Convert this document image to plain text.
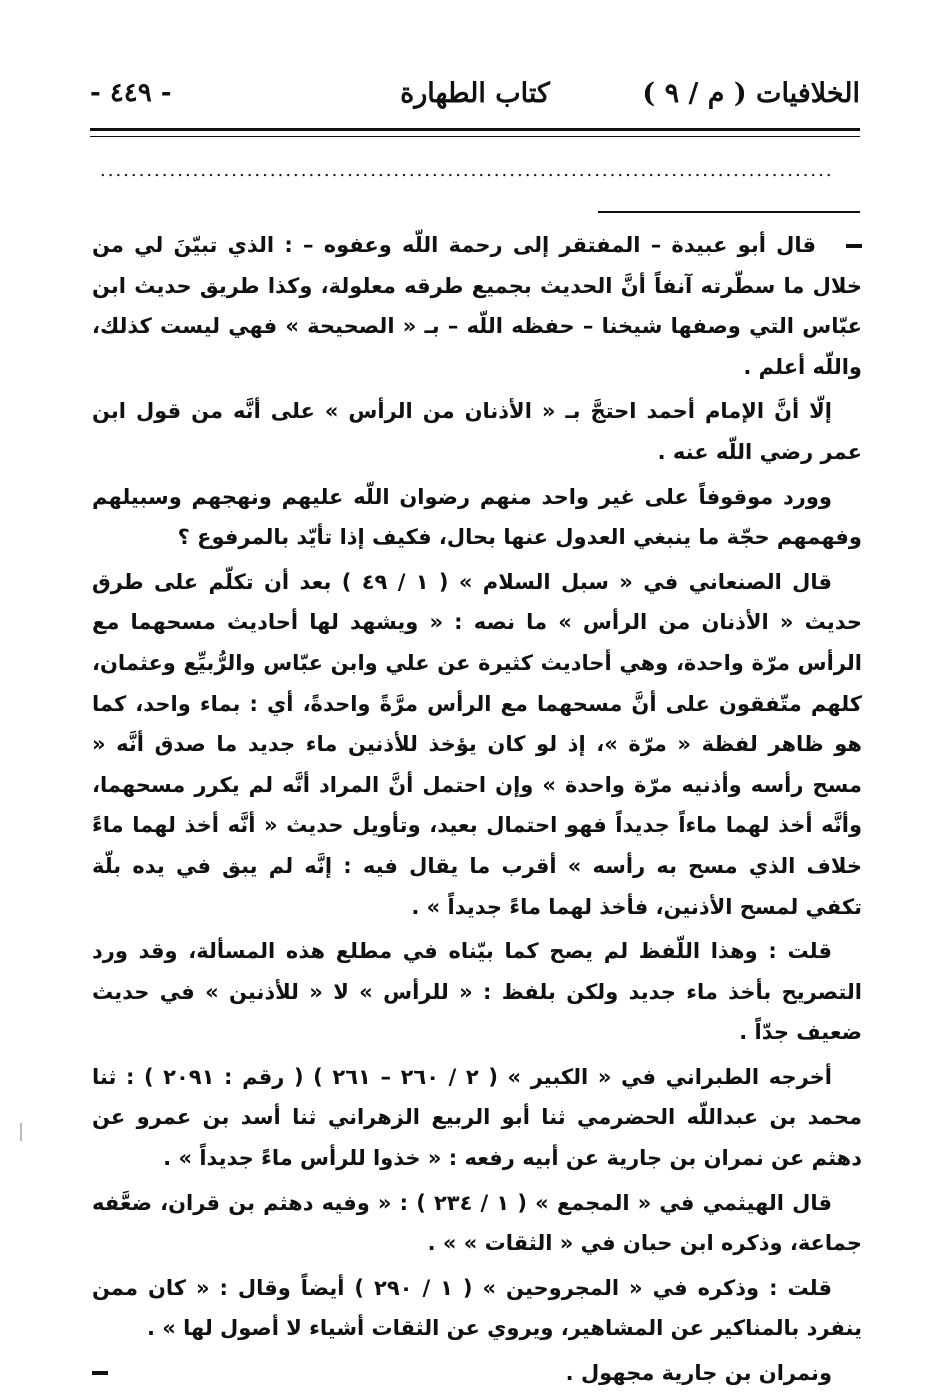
الخلافيات ( م / ٩ )
كتاب الطهارة
- ٤٤٩ -
...............................................................................................

قال أبو عبيدة – المفتقر إلى رحمة اللّه وعفوه – : الذي تبيّنَ لي من خلال ما سطّرته آنفاً أنَّ الحديث بجميع طرقه معلولة، وكذا طريق حديث ابن عبّاس التي وصفها شيخنا – حفظه اللّه – بـ « الصحيحة » فهي ليست كذلك، واللّه أعلم .

إلّا أنَّ الإمام أحمد احتجَّ بـ « الأذنان من الرأس » على أنَّه من قول ابن عمر رضي اللّه عنه .

وورد موقوفاً على غير واحد منهم رضوان اللّه عليهم ونهجهم وسبيلهم وفهمهم حجّة ما ينبغي العدول عنها بحال، فكيف إذا تأيّد بالمرفوع ؟

قال الصنعاني في « سبل السلام » ( ١ / ٤٩ ) بعد أن تكلّم على طرق حديث « الأذنان من الرأس » ما نصه : « ويشهد لها أحاديث مسحهما مع الرأس مرّة واحدة، وهي أحاديث كثيرة عن علي وابن عبّاس والرُّبيِّع وعثمان، كلهم متّفقون على أنَّ مسحهما مع الرأس مرَّةً واحدةً، أي : بماء واحد، كما هو ظاهر لفظة « مرّة »، إذ لو كان يؤخذ للأذنين ماء جديد ما صدق أنَّه « مسح رأسه وأذنيه مرّة واحدة » وإن احتمل أنَّ المراد أنَّه لم يكرر مسحهما، وأنَّه أخذ لهما ماءاً جديداً فهو احتمال بعيد، وتأويل حديث « أنَّه أخذ لهما ماءً خلاف الذي مسح به رأسه » أقرب ما يقال فيه : إنَّه لم يبق في يده بلّة تكفي لمسح الأذنين، فأخذ لهما ماءً جديداً » .

قلت : وهذا اللّفظ لم يصح كما بيّناه في مطلع هذه المسألة، وقد ورد التصريح بأخذ ماء جديد ولكن بلفظ : « للرأس » لا « للأذنين » في حديث ضعيف جدّاً .

أخرجه الطبراني في « الكبير » ( ٢ / ٢٦٠ – ٢٦١ ) ( رقم : ٢٠٩١ ) : ثنا محمد بن عبداللّه الحضرمي ثنا أبو الربيع الزهراني ثنا أسد بن عمرو عن دهثم عن نمران بن جارية عن أبيه رفعه : « خذوا للرأس ماءً جديداً » .

قال الهيثمي في « المجمع » ( ١ / ٢٣٤ ) : « وفيه دهثم بن قران، ضعَّفه جماعة، وذكره ابن حبان في « الثقات » » .

قلت : وذكره في « المجروحين » ( ١ / ٢٩٠ ) أيضاً وقال : « كان ممن ينفرد بالمناكير عن المشاهير، ويروي عن الثقات أشياء لا أصول لها » .

ونمران بن جارية مجهول .
